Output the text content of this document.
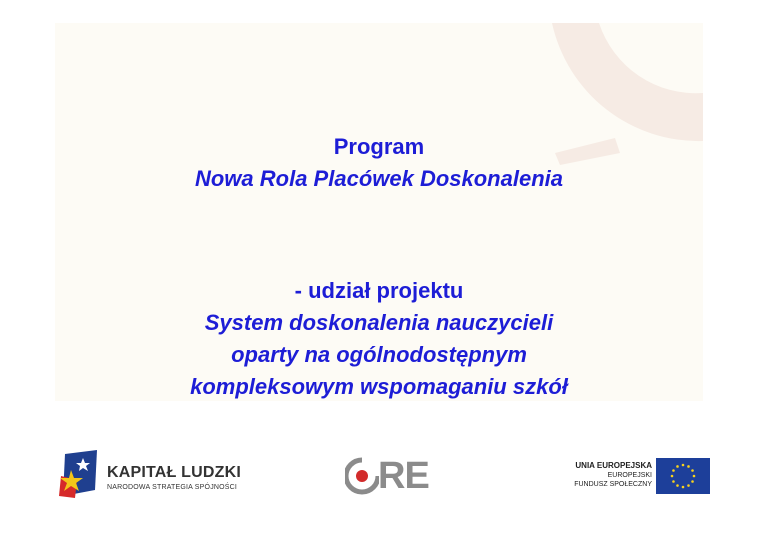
Program
Nowa Rola Placówek Doskonalenia
- udział projektu
System doskonalenia nauczycieli
oparty na ogólnodostępnym
kompleksowym wspomaganiu szkół
KAPITAŁ LUDZKI
NARODOWA STRATEGIA SPÓJNOŚCI	RE	UNIA EUROPEJSKA
EUROPEJSKI
FUNDUSZ SPOŁECZNY
